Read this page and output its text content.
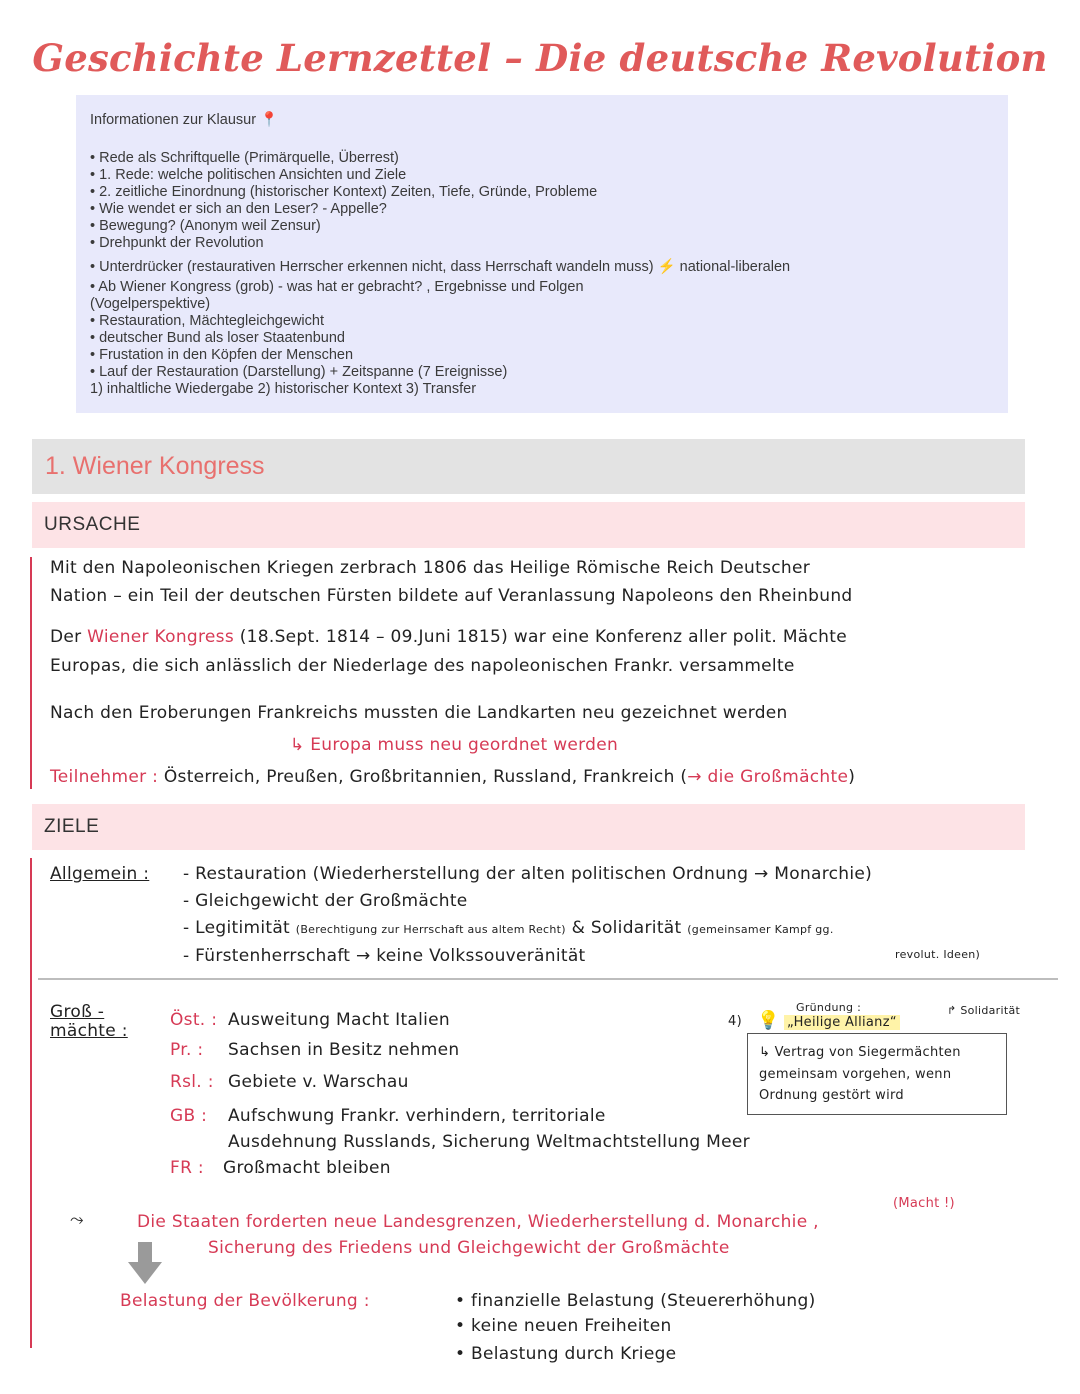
Geschichte Lernzettel – Die deutsche Revolution
Informationen zur Klausur 📍
• Rede als Schriftquelle (Primärquelle, Überrest)
• 1. Rede: welche politischen Ansichten und Ziele
• 2. zeitliche Einordnung (historischer Kontext) Zeiten, Tiefe, Gründe, Probleme
• Wie wendet er sich an den Leser? - Appelle?
• Bewegung? (Anonym weil Zensur)
• Drehpunkt der Revolution
• Unterdrücker (restaurativen Herrscher erkennen nicht, dass Herrschaft wandeln muss) ⚡ national-liberalen
• Ab Wiener Kongress (grob) - was hat er gebracht? , Ergebnisse und Folgen
(Vogelperspektive)
• Restauration, Mächtegleichgewicht
• deutscher Bund als loser Staatenbund
• Frustation in den Köpfen der Menschen
• Lauf der Restauration (Darstellung) + Zeitspanne (7 Ereignisse)
1) inhaltliche Wiedergabe 2) historischer Kontext 3) Transfer
1. Wiener Kongress
URSACHE
Mit den Napoleonischen Kriegen zerbrach 1806 das Heilige Römische Reich Deutscher
Nation – ein Teil der deutschen Fürsten bildete auf Veranlassung Napoleons den Rheinbund
Der Wiener Kongress (18.Sept. 1814 – 09.Juni 1815) war eine Konferenz aller polit. Mächte
Europas, die sich anlässlich der Niederlage des napoleonischen Frankr. versammelte
Nach den Eroberungen Frankreichs mussten die Landkarten neu gezeichnet werden
↳ Europa muss neu geordnet werden
Teilnehmer : Österreich, Preußen, Großbritannien, Russland, Frankreich (→ die Großmächte)
ZIELE
Allgemein : - Restauration (Wiederherstellung der alten politischen Ordnung → Monarchie)
- Gleichgewicht der Großmächte
- Legitimität (Berechtigung zur Herrschaft aus altem Recht) & Solidarität (gemeinsamer Kampf gg.
revolut. Ideen)
- Fürstenherrschaft → keine Volkssouveränität
Groß -
mächte :
Öst. : Ausweitung Macht Italien
Pr. : Sachsen in Besitz nehmen
Rsl. : Gebiete v. Warschau
GB : Aufschwung Frankr. verhindern, territoriale
Ausdehnung Russlands, Sicherung Weltmachtstellung Meer
FR : Großmacht bleiben
4) 💡
Gründung :
„Heilige Allianz“
↱ Solidarität
↳ Vertrag von Siegermächten
gemeinsam vorgehen, wenn
Ordnung gestört wird
(Macht !)
⤳	Die Staaten forderten neue Landesgrenzen, Wiederherstellung d. Monarchie ,
Sicherung des Friedens und Gleichgewicht der Großmächte
Belastung der Bevölkerung :	• finanzielle Belastung (Steuererhöhung)
• keine neuen Freiheiten
• Belastung durch Kriege
